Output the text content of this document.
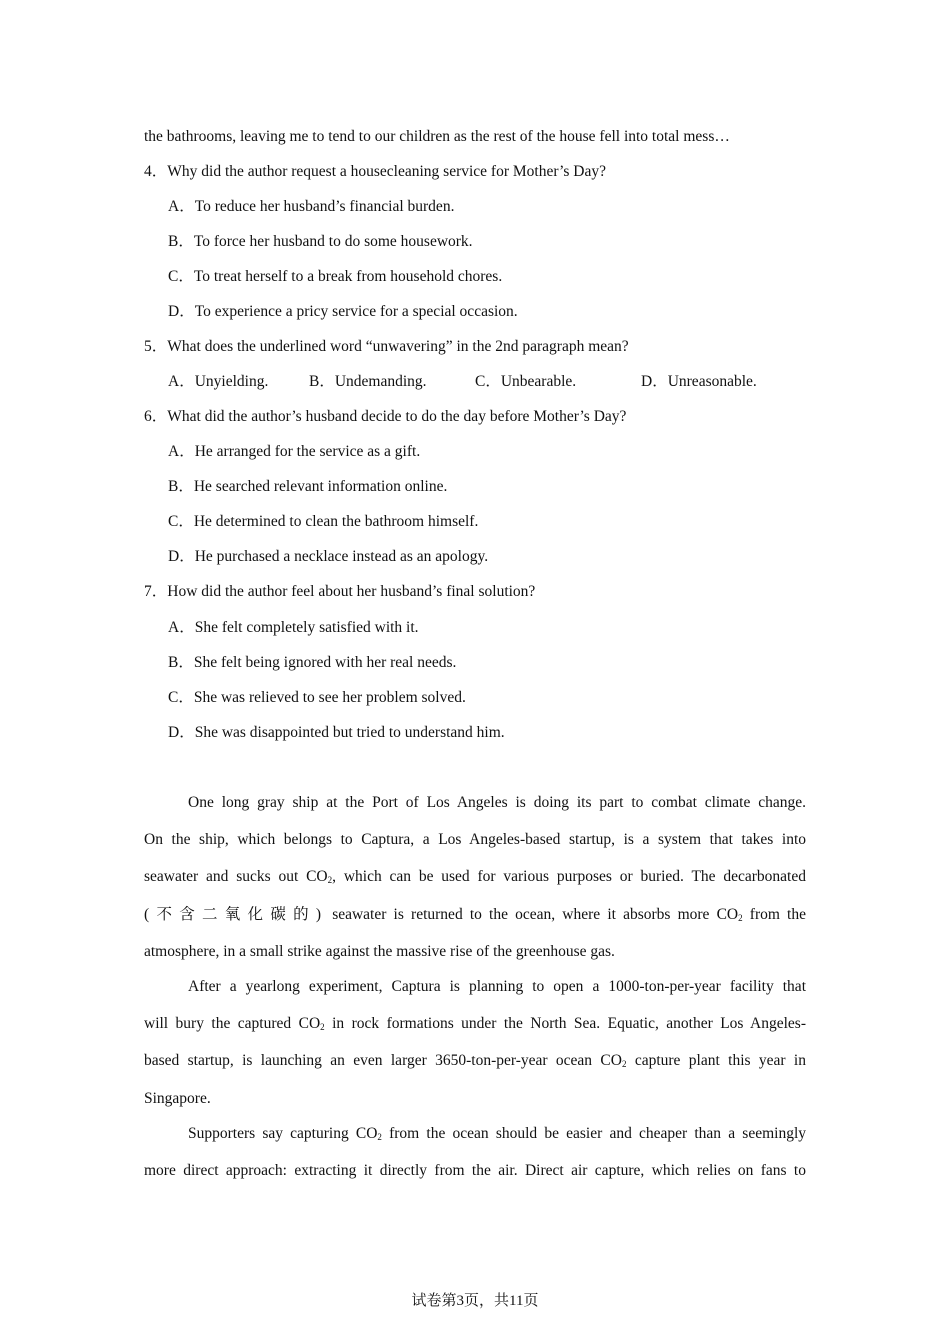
the bathrooms, leaving me to tend to our children as the rest of the house fell into total mess…
4．Why did the author request a housecleaning service for Mother’s Day?
A．To reduce her husband’s financial burden.
B．To force her husband to do some housework.
C．To treat herself to a break from household chores.
D．To experience a pricy service for a special occasion.
5．What does the underlined word “unwavering” in the 2nd paragraph mean?
A．Unyielding.	B．Undemanding.	C．Unbearable.	D．Unreasonable.
6．What did the author’s husband decide to do the day before Mother’s Day?
A．He arranged for the service as a gift.
B．He searched relevant information online.
C．He determined to clean the bathroom himself.
D．He purchased a necklace instead as an apology.
7．How did the author feel about her husband’s final solution?
A．She felt completely satisfied with it.
B．She felt being ignored with her real needs.
C．She was relieved to see her problem solved.
D．She was disappointed but tried to understand him.
One long gray ship at the Port of Los Angeles is doing its part to combat climate change.
On the ship, which belongs to Captura, a Los Angeles-based startup, is a system that takes into
seawater and sucks out $CO_2$, which can be used for various purposes or buried. The decarbonated
(不含二氧化碳的) seawater is returned to the ocean, where it absorbs more $CO_2$ from the
atmosphere, in a small strike against the massive rise of the greenhouse gas.
After a yearlong experiment, Captura is planning to open a 1000-ton-per-year facility that
will bury the captured $CO_2$ in rock formations under the North Sea. Equatic, another Los Angeles-
based startup, is launching an even larger 3650-ton-per-year ocean $CO_2$ capture plant this year in
Singapore.
Supporters say capturing $CO_2$ from the ocean should be easier and cheaper than a seemingly
more direct approach: extracting it directly from the air. Direct air capture, which relies on fans to
试卷第3页，共11页
